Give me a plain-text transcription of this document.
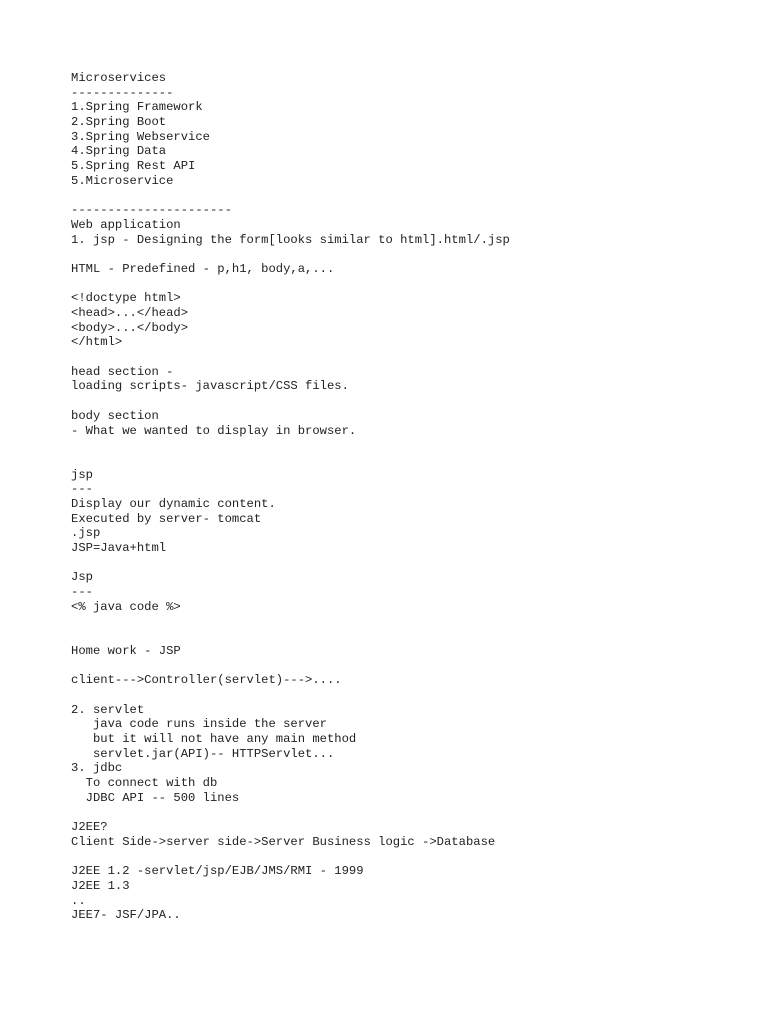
Microservices
--------------
1.Spring Framework
2.Spring Boot
3.Spring Webservice
4.Spring Data
5.Spring Rest API
5.Microservice
----------------------
Web application
1. jsp - Designing the form[looks similar to html].html/.jsp
HTML - Predefined - p,h1, body,a,...
<!doctype html>
<head>...</head>
<body>...</body>
</html>
head section -
loading scripts- javascript/CSS files.
body section
- What we wanted to display in browser.
jsp
---
Display our dynamic content.
Executed by server- tomcat
.jsp
JSP=Java+html
Jsp
---
<% java code %>
Home work - JSP
client--->Controller(servlet)--->....
2. servlet
java code runs inside the server
but it will not have any main method
servlet.jar(API)-- HTTPServlet...
3. jdbc
To connect with db
JDBC API -- 500 lines
J2EE?
Client Side->server side->Server Business logic ->Database
J2EE 1.2 -servlet/jsp/EJB/JMS/RMI - 1999
J2EE 1.3
..
JEE7- JSF/JPA..
